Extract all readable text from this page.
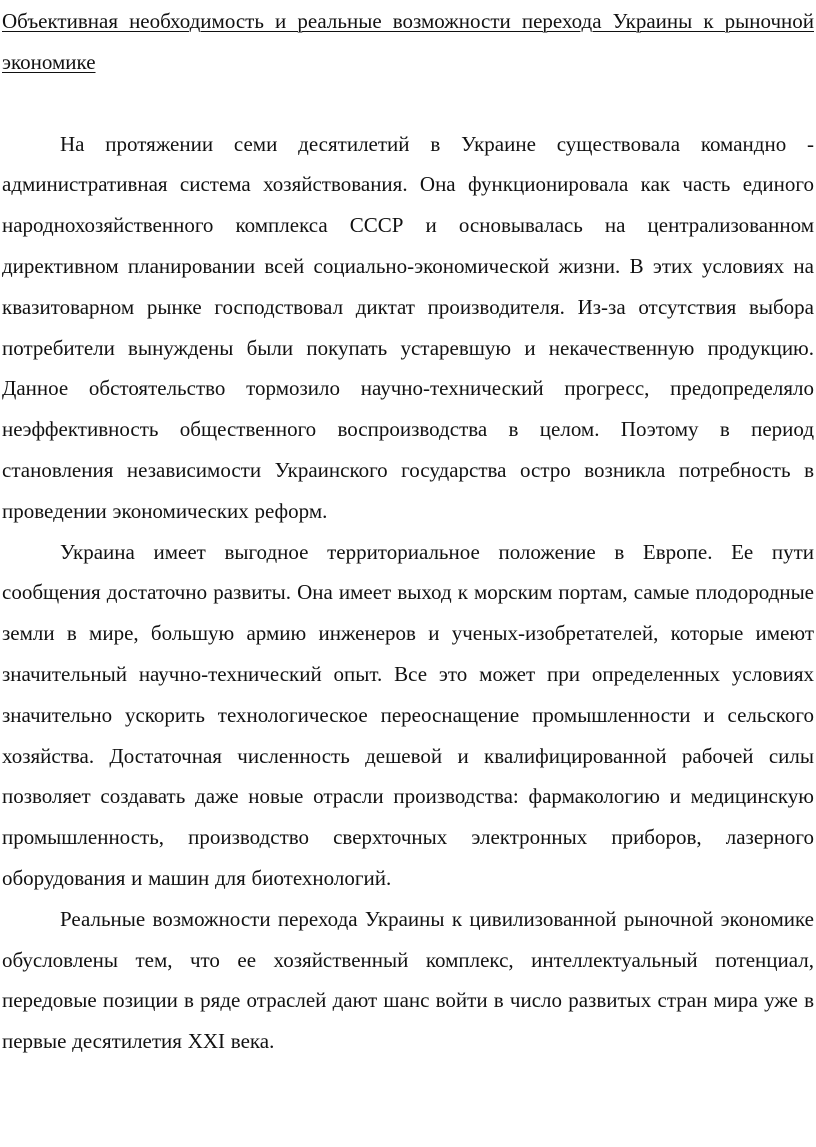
Объективная необходимость и реальные возможности перехода Украины к рыночной экономике

На протяжении семи десятилетий в Украине существовала командно - административная система хозяйствования. Она функционировала как часть единого народнохозяйственного комплекса СССР и основывалась на централизованном директивном планировании всей социально-экономической жизни. В этих условиях на квазитоварном рынке господствовал диктат производителя. Из-за отсутствия выбора потребители вынуждены были покупать устаревшую и некачественную продукцию. Данное обстоятельство тормозило научно-технический прогресс, предопределяло неэффективность общественного воспроизводства в целом. Поэтому в период становления независимости Украинского государства остро возникла потребность в проведении экономических реформ.

Украина имеет выгодное территориальное положение в Европе. Ее пути сообщения достаточно развиты. Она имеет выход к морским портам, самые плодородные земли в мире, большую армию инженеров и ученых-изобретателей, которые имеют значительный научно-технический опыт. Все это может при определенных условиях значительно ускорить технологическое переоснащение промышленности и сельского хозяйства. Достаточная численность дешевой и квалифицированной рабочей силы позволяет создавать даже новые отрасли производства: фармакологию и медицинскую промышленность, производство сверхточных электронных приборов, лазерного оборудования и машин для биотехнологий.

Реальные возможности перехода Украины к цивилизованной рыночной экономике обусловлены тем, что ее хозяйственный комплекс, интеллектуальный потенциал, передовые позиции в ряде отраслей дают шанс войти в число развитых стран мира уже в первые десятилетия XXI века.
